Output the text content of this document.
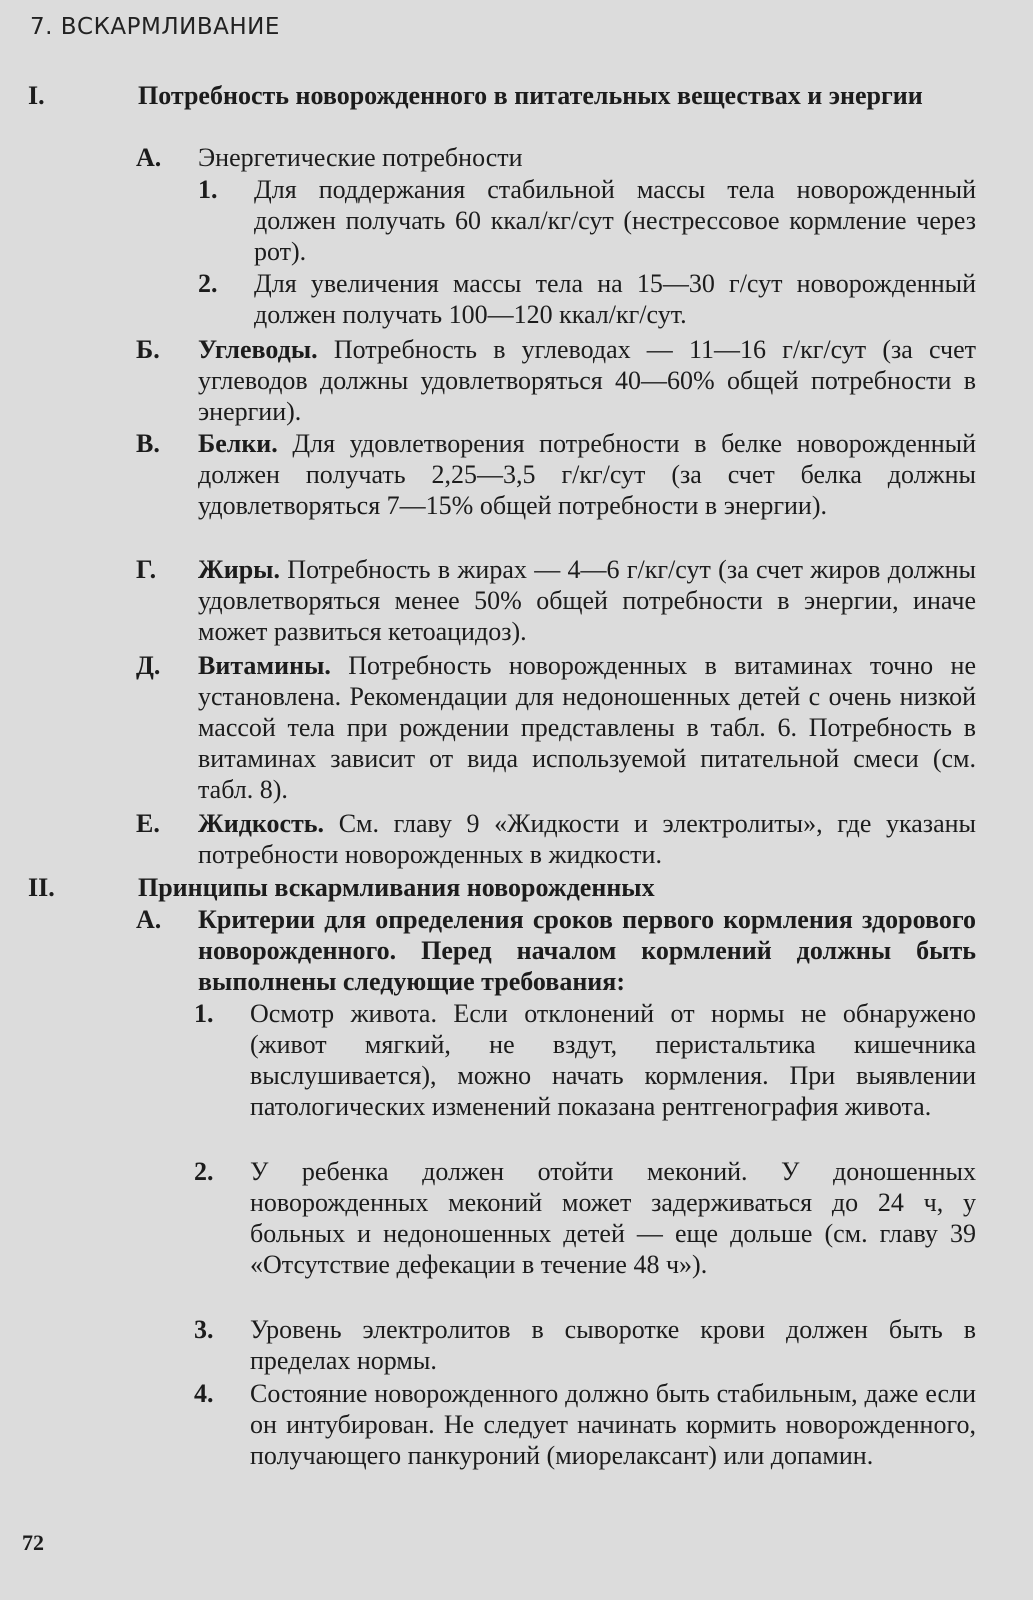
7. ВСКАРМЛИВАНИЕ
I.	Потребность новорожденного в питательных веществах и энергии
А. Энергетические потребности
1. Для поддержания стабильной массы тела новорожденный должен получать 60 ккал/кг/сут (нестрессовое кормление через рот).
2. Для увеличения массы тела на 15—30 г/сут новорожденный должен получать 100—120 ккал/кг/сут.
Б. Углеводы. Потребность в углеводах — 11—16 г/кг/сут (за счет углеводов должны удовлетворяться 40—60% общей потребности в энергии).
В. Белки. Для удовлетворения потребности в белке новорожденный должен получать 2,25—3,5 г/кг/сут (за счет белка должны удовлетворяться 7—15% общей потребности в энергии).
Г. Жиры. Потребность в жирах — 4—6 г/кг/сут (за счет жиров должны удовлетворяться менее 50% общей потребности в энергии, иначе может развиться кетоацидоз).
Д. Витамины. Потребность новорожденных в витаминах точно не установлена. Рекомендации для недоношенных детей с очень низкой массой тела при рождении представлены в табл. 6. Потребность в витаминах зависит от вида используемой питательной смеси (см. табл. 8).
Е. Жидкость. См. главу 9 «Жидкости и электролиты», где указаны потребности новорожденных в жидкости.
II.	Принципы вскармливания новорожденных
А. Критерии для определения сроков первого кормления здорового новорожденного. Перед началом кормлений должны быть выполнены следующие требования:
1. Осмотр живота. Если отклонений от нормы не обнаружено (живот мягкий, не вздут, перистальтика кишечника выслушивается), можно начать кормления. При выявлении патологических изменений показана рентгенография живота.
2. У ребенка должен отойти меконий. У доношенных новорожденных меконий может задерживаться до 24 ч, у больных и недоношенных детей — еще дольше (см. главу 39 «Отсутствие дефекации в течение 48 ч»).
3. Уровень электролитов в сыворотке крови должен быть в пределах нормы.
4. Состояние новорожденного должно быть стабильным, даже если он интубирован. Не следует начинать кормить новорожденного, получающего панкуроний (миорелаксант) или допамин.
72
